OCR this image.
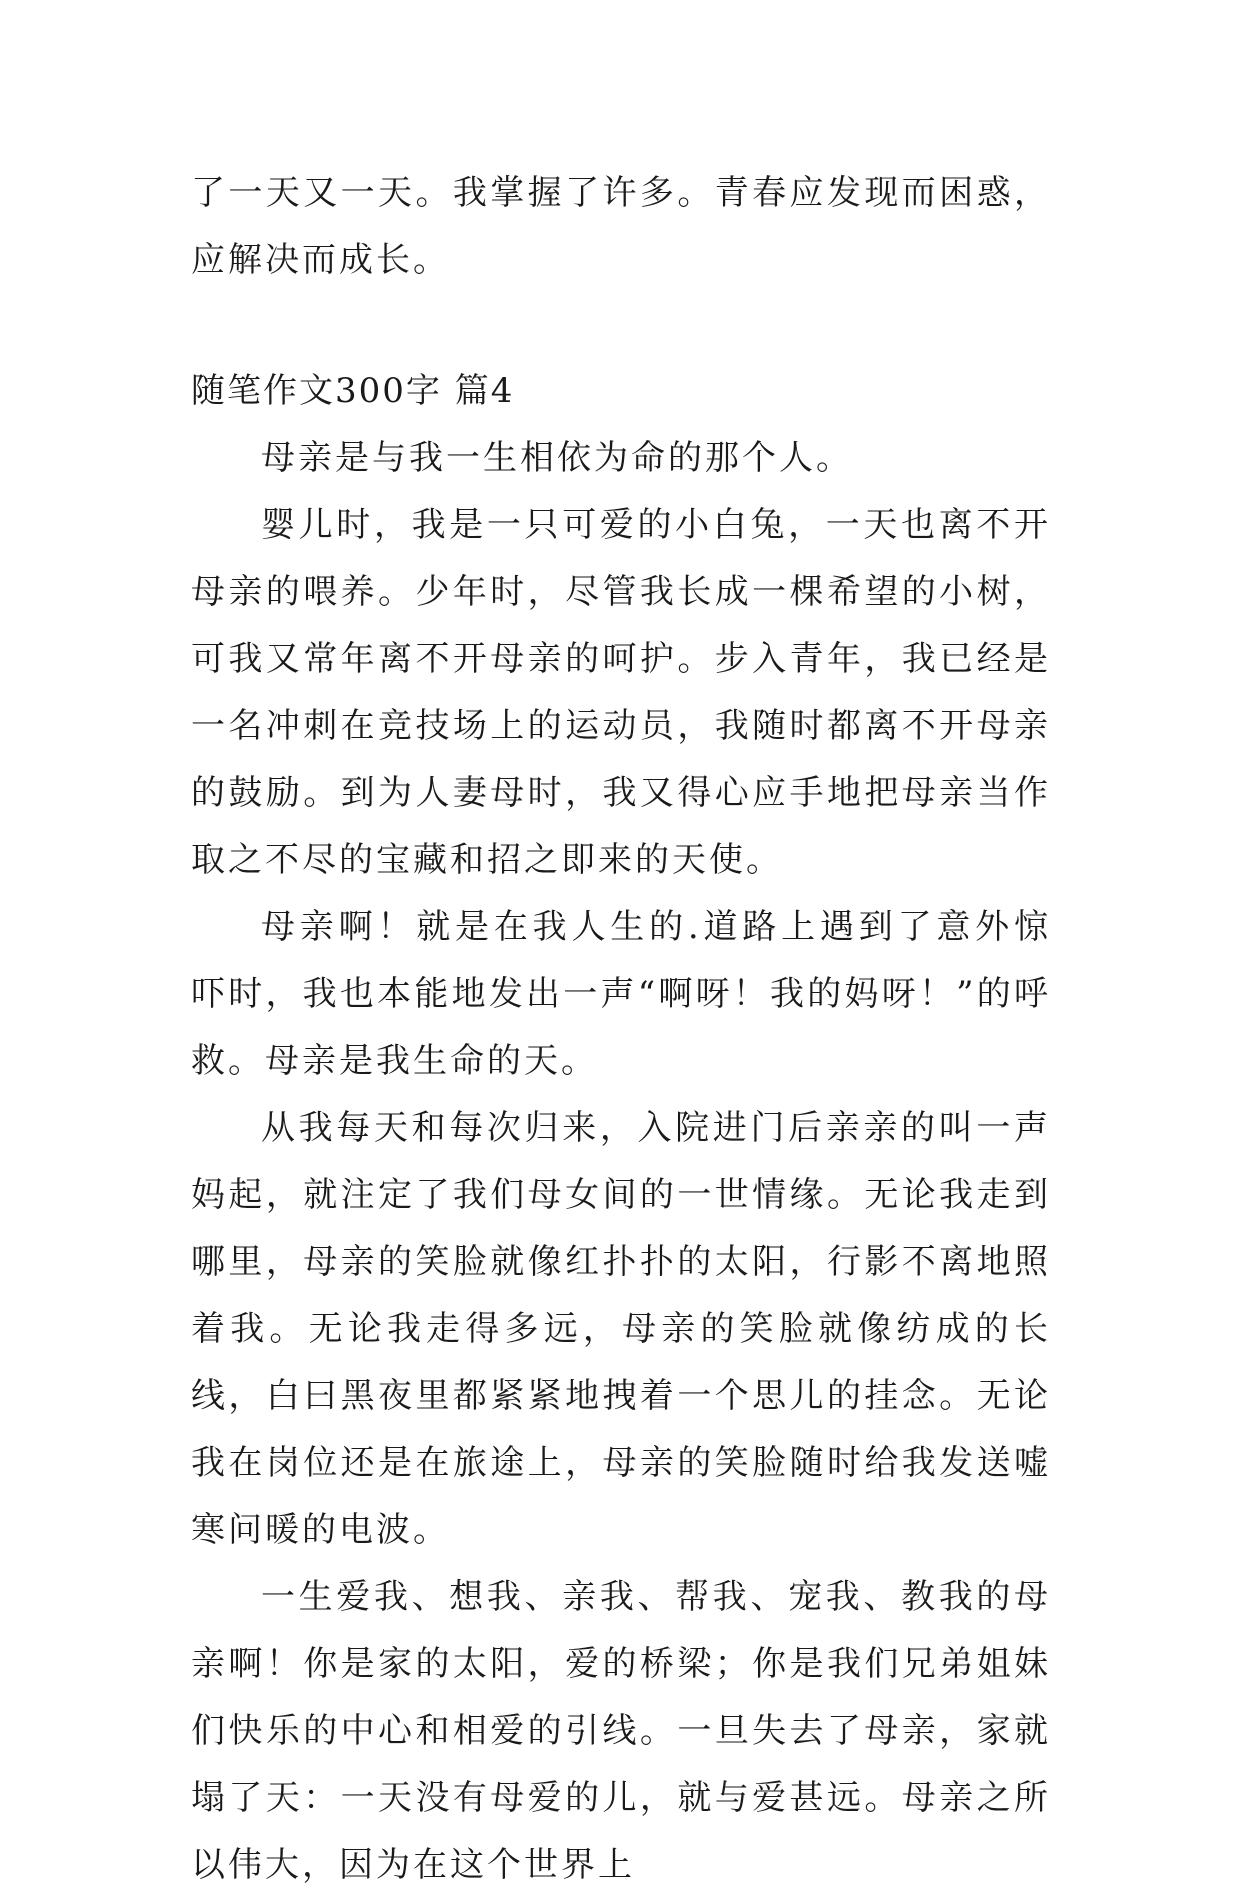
了一天又一天。我掌握了许多。青春应发现而困惑，应解决而成长。

随笔作文300字 篇4

母亲是与我一生相依为命的那个人。

婴儿时，我是一只可爱的小白兔，一天也离不开母亲的喂养。少年时，尽管我长成一棵希望的小树，可我又常年离不开母亲的呵护。步入青年，我已经是一名冲刺在竞技场上的运动员，我随时都离不开母亲的鼓励。到为人妻母时，我又得心应手地把母亲当作取之不尽的宝藏和招之即来的天使。

母亲啊！就是在我人生的.道路上遇到了意外惊吓时，我也本能地发出一声“啊呀！我的妈呀！”的呼救。母亲是我生命的天。

从我每天和每次归来，入院进门后亲亲的叫一声妈起，就注定了我们母女间的一世情缘。无论我走到哪里，母亲的笑脸就像红扑扑的太阳，行影不离地照着我。无论我走得多远，母亲的笑脸就像纺成的长线，白曰黑夜里都紧紧地拽着一个思儿的挂念。无论我在岗位还是在旅途上，母亲的笑脸随时给我发送嘘寒问暖的电波。

一生爱我、想我、亲我、帮我、宠我、教我的母亲啊！你是家的太阳，爱的桥梁；你是我们兄弟姐妹们快乐的中心和相爱的引线。一旦失去了母亲，家就塌了天：一天没有母爱的儿，就与爱甚远。母亲之所以伟大，因为在这个世界上
